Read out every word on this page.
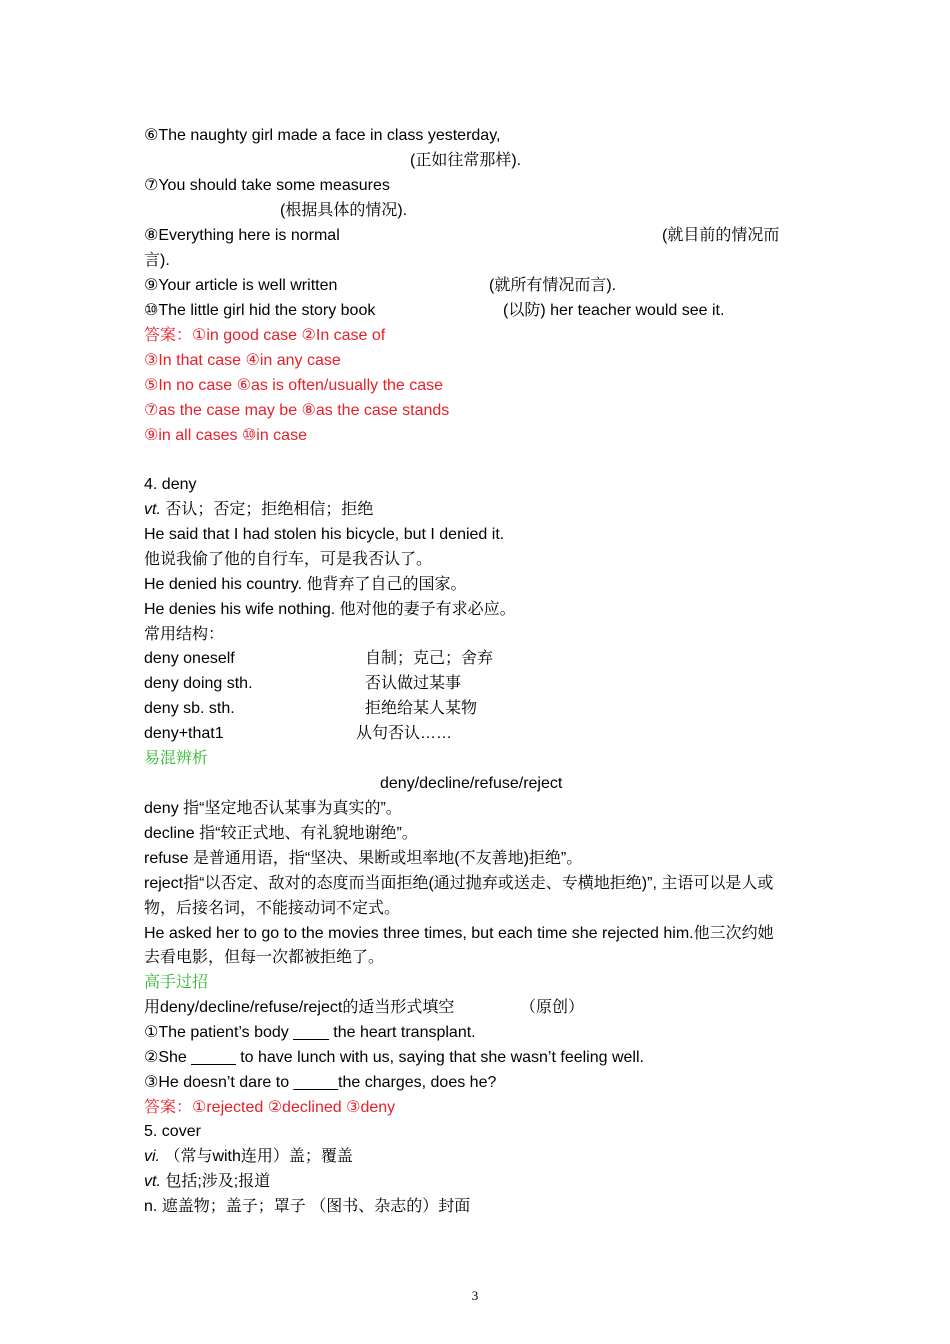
⑥The naughty girl made a face in class yesterday,
(正如往常那样).
⑦You should take some measures
(根据具体的情况).
⑧Everything here is normal	(就目前的情况而
言).
⑨Your article is well written	(就所有情况而言).
⑩The little girl hid the story book	(以防) her teacher would see it.
答案：①in good case ②In case of
③In that case ④in any case
⑤In no case ⑥as is often/usually the case
⑦as the case may be ⑧as the case stands
⑨in all cases ⑩in case
4. deny
vt. 否认；否定；拒绝相信；拒绝
He said that I had stolen his bicycle, but I denied it.
他说我偷了他的自行车，可是我否认了。
He denied his country. 他背弃了自己的国家。
He denies his wife nothing. 他对他的妻子有求必应。
常用结构：
deny oneself	自制；克己；舍弃
deny doing sth.	否认做过某事
deny sb. sth.	拒绝给某人某物
deny+that1	从句否认……
易混辨析
deny/decline/refuse/reject
deny 指“坚定地否认某事为真实的”。
decline 指“较正式地、有礼貌地谢绝”。
refuse 是普通用语，指“坚决、果断或坦率地(不友善地)拒绝”。
reject指“以否定、敌对的态度而当面拒绝(通过抛弃或送走、专横地拒绝)”, 主语可以是人或
物，后接名词，不能接动词不定式。
He asked her to go to the movies three times, but each time she rejected him.他三次约她
去看电影，但每一次都被拒绝了。
高手过招
用deny/decline/refuse/reject的适当形式填空	（原创）
①The patient’s body ____ the heart transplant.
②She _____ to have lunch with us, saying that she wasn’t feeling well.
③He doesn’t dare to _____the charges, does he?
答案：①rejected ②declined ③deny
5. cover
vi. （常与with连用）盖；覆盖
vt. 包括;涉及;报道
n. 遮盖物；盖子；罩子 （图书、杂志的）封面
3
